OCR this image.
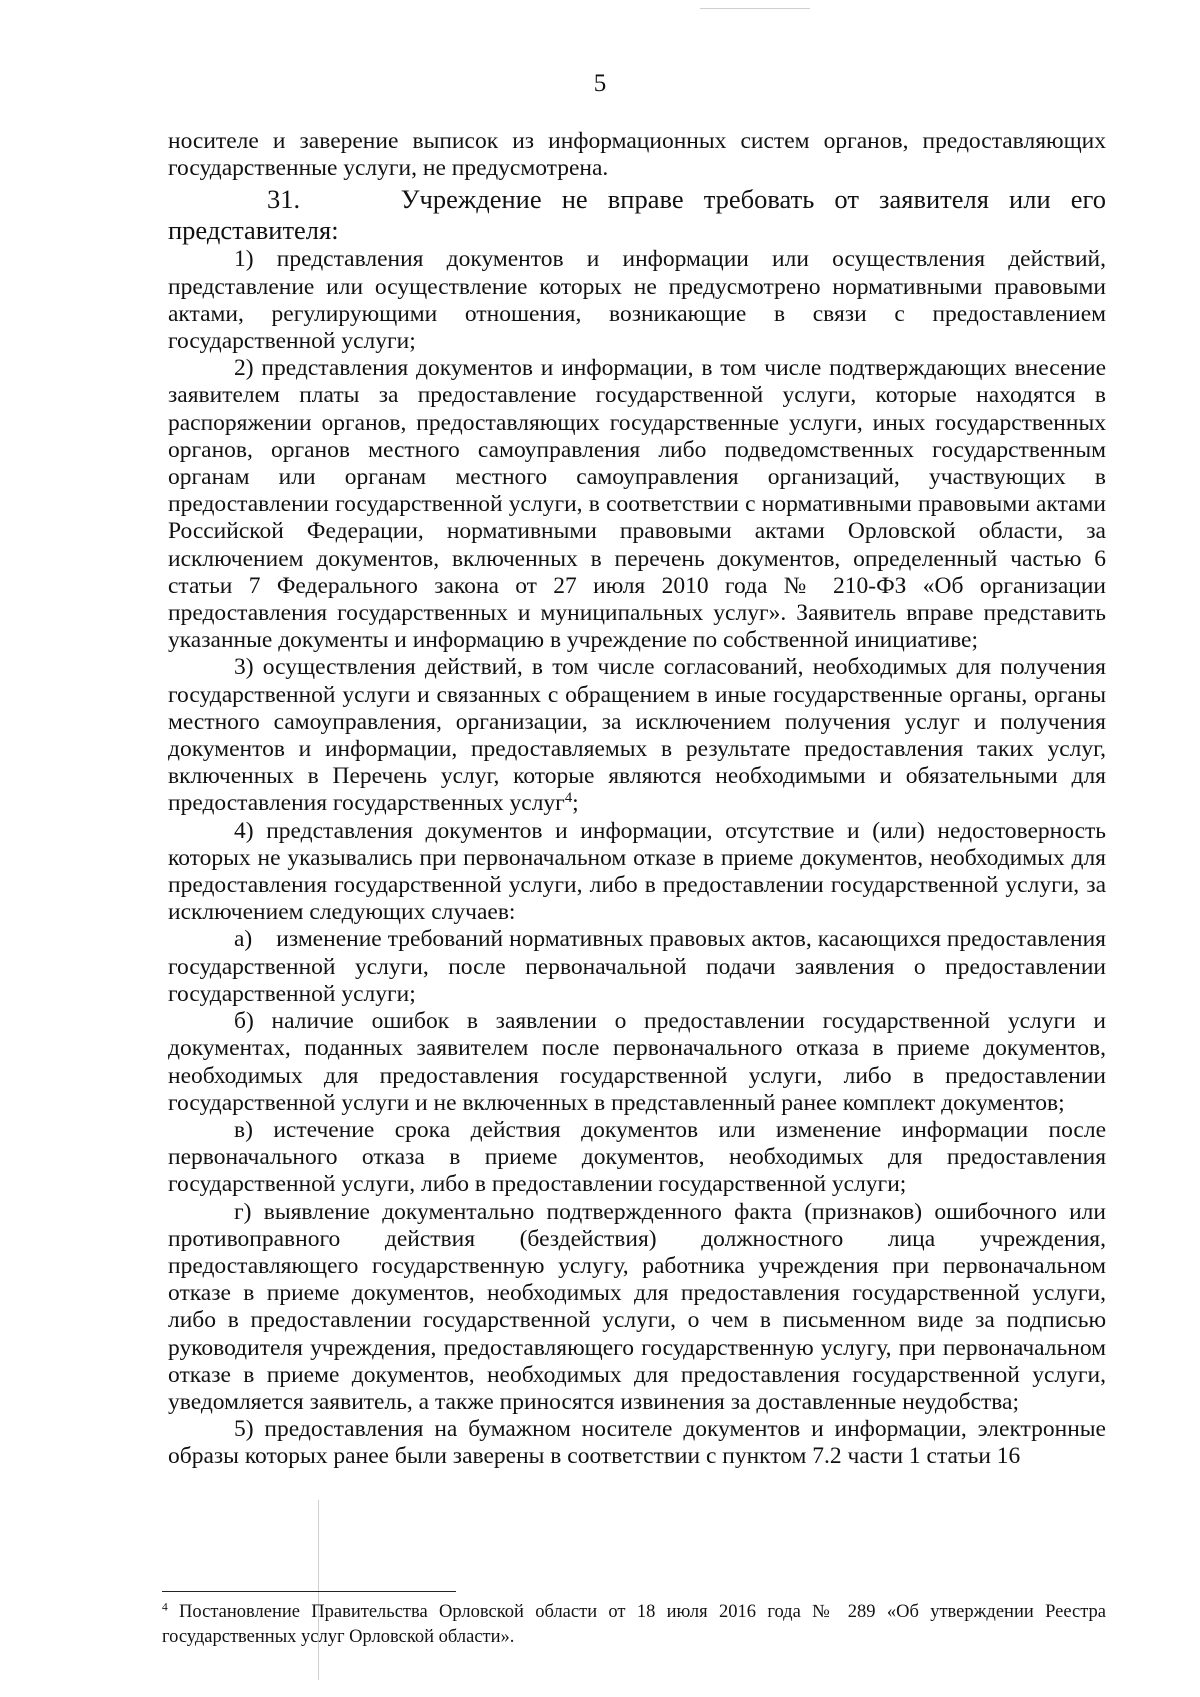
5

носителе и заверение выписок из информационных систем органов, предоставляющих государственные услуги, не предусмотрена.

31.     Учреждение не вправе требовать от заявителя или его представителя:

1) представления документов и информации или осуществления действий, представление или осуществление которых не предусмотрено нормативными правовыми актами, регулирующими отношения, возникающие в связи с предоставлением государственной услуги;

2) представления документов и информации, в том числе подтверждающих внесение заявителем платы за предоставление государственной услуги, которые находятся в распоряжении органов, предоставляющих государственные услуги, иных государственных органов, органов местного самоуправления либо подведомственных государственным органам или органам местного самоуправления организаций, участвующих в предоставлении государственной услуги, в соответствии с нормативными правовыми актами Российской Федерации, нормативными правовыми актами Орловской области, за исключением документов, включенных в перечень документов, определенный частью 6 статьи 7 Федерального закона от 27 июля 2010 года № 210-ФЗ «Об организации предоставления государственных и муниципальных услуг». Заявитель вправе представить указанные документы и информацию в учреждение по собственной инициативе;

3) осуществления действий, в том числе согласований, необходимых для получения государственной услуги и связанных с обращением в иные государственные органы, органы местного самоуправления, организации, за исключением получения услуг и получения документов и информации, предоставляемых в результате предоставления таких услуг, включенных в Перечень услуг, которые являются необходимыми и обязательными для предоставления государственных услуг$^4$;

4) представления документов и информации, отсутствие и (или) недостоверность которых не указывались при первоначальном отказе в приеме документов, необходимых для предоставления государственной услуги, либо в предоставлении государственной услуги, за исключением следующих случаев:

а)    изменение требований нормативных правовых актов, касающихся предоставления государственной услуги, после первоначальной подачи заявления о предоставлении государственной услуги;

б) наличие ошибок в заявлении о предоставлении государственной услуги и документах, поданных заявителем после первоначального отказа в приеме документов, необходимых для предоставления государственной услуги, либо в предоставлении государственной услуги и не включенных в представленный ранее комплект документов;

в) истечение срока действия документов или изменение информации после первоначального отказа в приеме документов, необходимых для предоставления государственной услуги, либо в предоставлении государственной услуги;

г) выявление документально подтвержденного факта (признаков) ошибочного или противоправного действия (бездействия) должностного лица учреждения, предоставляющего государственную услугу, работника учреждения при первоначальном отказе в приеме документов, необходимых для предоставления государственной услуги, либо в предоставлении государственной услуги, о чем в письменном виде за подписью руководителя учреждения, предоставляющего государственную услугу, при первоначальном отказе в приеме документов, необходимых для предоставления государственной услуги, уведомляется заявитель, а также приносятся извинения за доставленные неудобства;

5) предоставления на бумажном носителе документов и информации, электронные образы которых ранее были заверены в соответствии с пунктом 7.2 части 1 статьи 16

$^4$ Постановление Правительства Орловской области от 18 июля 2016 года № 289 «Об утверждении Реестра государственных услуг Орловской области».
